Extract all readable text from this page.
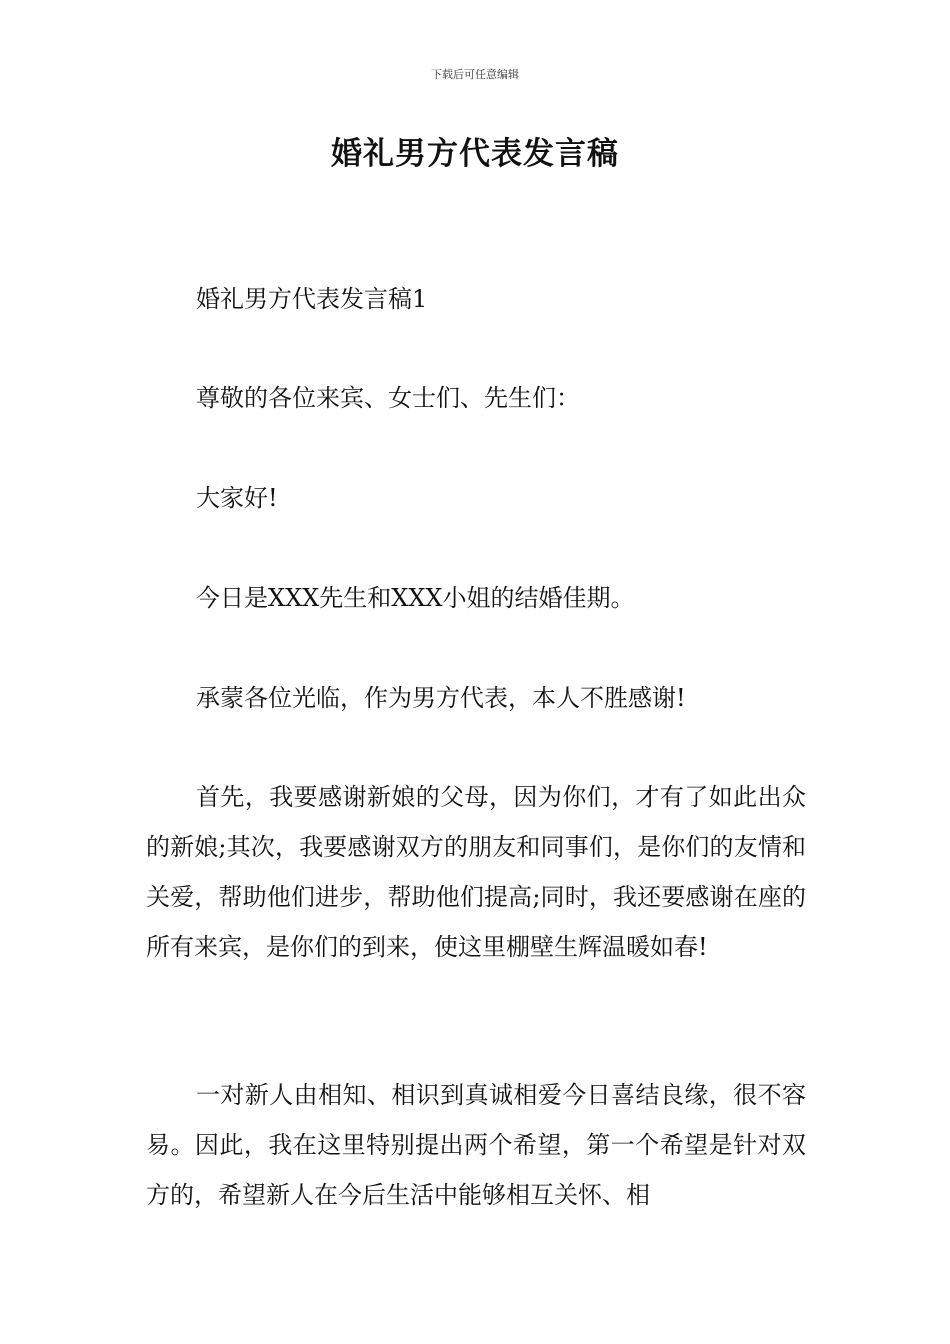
下载后可任意编辑
婚礼男方代表发言稿

婚礼男方代表发言稿1

尊敬的各位来宾、女士们、先生们：

大家好!

今日是XXX先生和XXX小姐的结婚佳期。

承蒙各位光临，作为男方代表，本人不胜感谢!

首先，我要感谢新娘的父母，因为你们，才有了如此出众的新娘;其次，我要感谢双方的朋友和同事们，是你们的友情和关爱，帮助他们进步，帮助他们提高;同时，我还要感谢在座的所有来宾，是你们的到来，使这里棚壁生辉温暖如春!

一对新人由相知、相识到真诚相爱今日喜结良缘，很不容易。因此，我在这里特别提出两个希望，第一个希望是针对双方的，希望新人在今后生活中能够相互关怀、相
